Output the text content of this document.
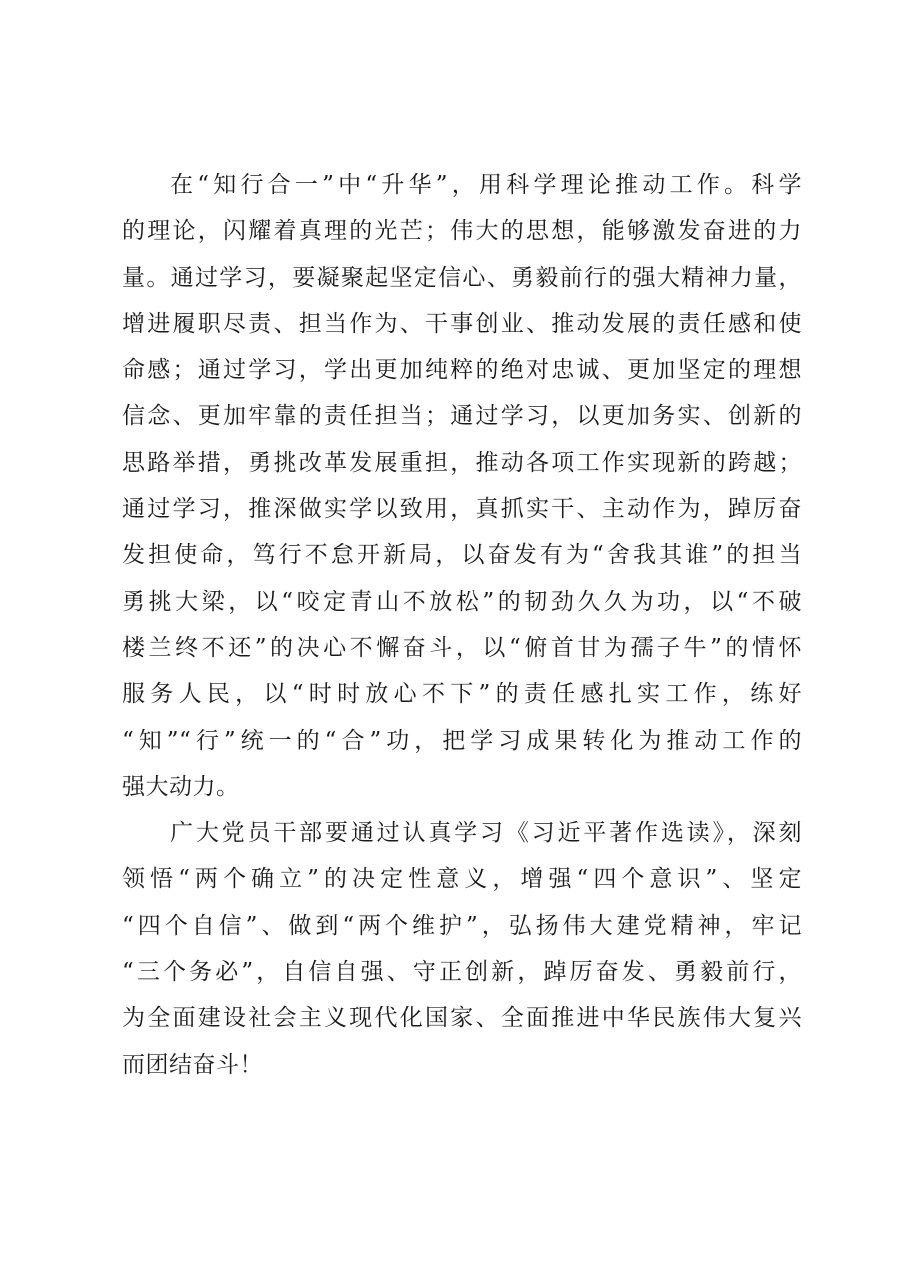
在“知行合一”中“升华”，用科学理论推动工作。科学
的理论，闪耀着真理的光芒；伟大的思想，能够激发奋进的力
量。通过学习，要凝聚起坚定信心、勇毅前行的强大精神力量，
增进履职尽责、担当作为、干事创业、推动发展的责任感和使
命感；通过学习，学出更加纯粹的绝对忠诚、更加坚定的理想
信念、更加牢靠的责任担当；通过学习，以更加务实、创新的
思路举措，勇挑改革发展重担，推动各项工作实现新的跨越；
通过学习，推深做实学以致用，真抓实干、主动作为，踔厉奋
发担使命，笃行不怠开新局，以奋发有为“舍我其谁”的担当
勇挑大梁，以“咬定青山不放松”的韧劲久久为功，以“不破
楼兰终不还”的决心不懈奋斗，以“俯首甘为孺子牛”的情怀
服务人民，以“时时放心不下”的责任感扎实工作，练好
“知”“行”统一的“合”功，把学习成果转化为推动工作的
强大动力。
广大党员干部要通过认真学习《习近平著作选读》，深刻
领悟“两个确立”的决定性意义，增强“四个意识”、坚定
“四个自信”、做到“两个维护”，弘扬伟大建党精神，牢记
“三个务必”，自信自强、守正创新，踔厉奋发、勇毅前行，
为全面建设社会主义现代化国家、全面推进中华民族伟大复兴
而团结奋斗！
